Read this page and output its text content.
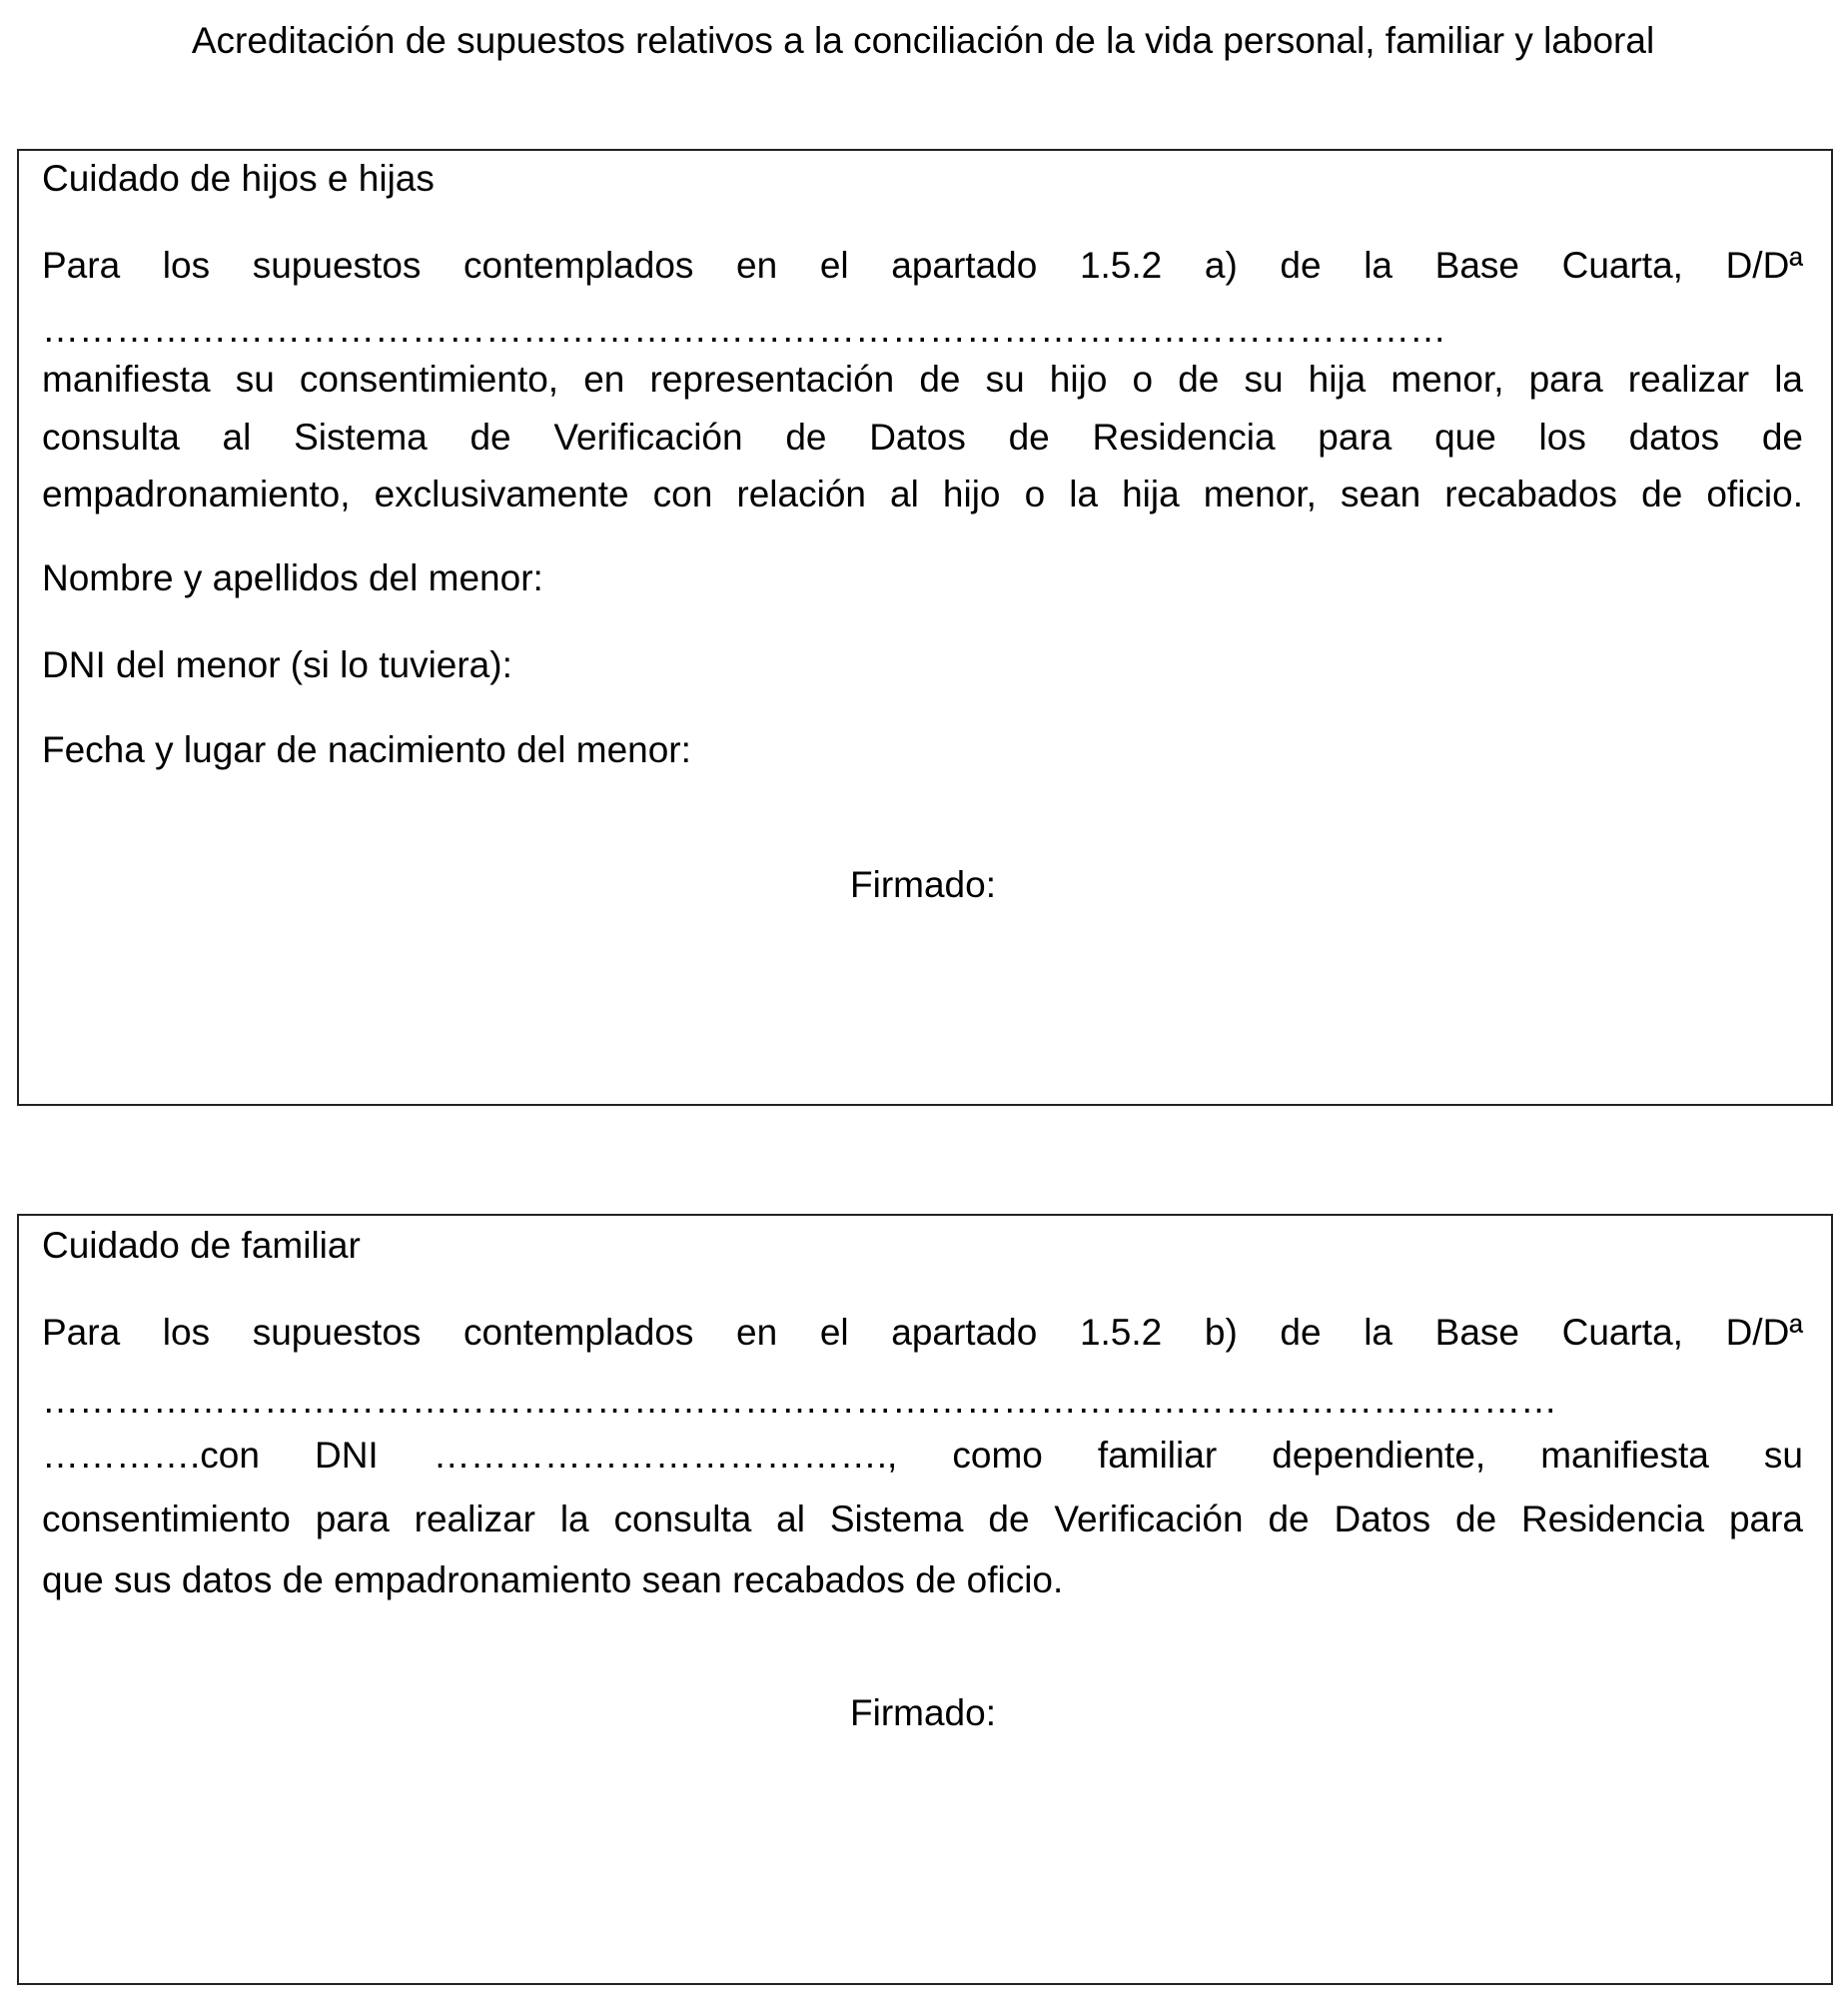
Acreditación de supuestos relativos a la conciliación de la vida personal, familiar y laboral
Cuidado de hijos e hijas
Para los supuestos contemplados en el apartado 1.5.2 a) de la Base Cuarta, D/Dª
……………………………………………………………………………………………………
manifiesta su consentimiento, en representación de su hijo o de su hija menor, para realizar la
consulta al Sistema de Verificación de Datos de Residencia para que los datos de
empadronamiento, exclusivamente con relación al hijo o la hija menor, sean recabados de oficio.
Nombre y apellidos del menor:
DNI del menor (si lo tuviera):
Fecha y lugar de nacimiento del menor:
Firmado:
Cuidado de familiar
Para los supuestos contemplados en el apartado 1.5.2 b) de la Base Cuarta, D/Dª
……………………………………………………………………………………………………………
………….con DNI ………………………………., como familiar dependiente, manifiesta su
consentimiento para realizar la consulta al Sistema de Verificación de Datos de Residencia para
que sus datos de empadronamiento sean recabados de oficio.
Firmado:
